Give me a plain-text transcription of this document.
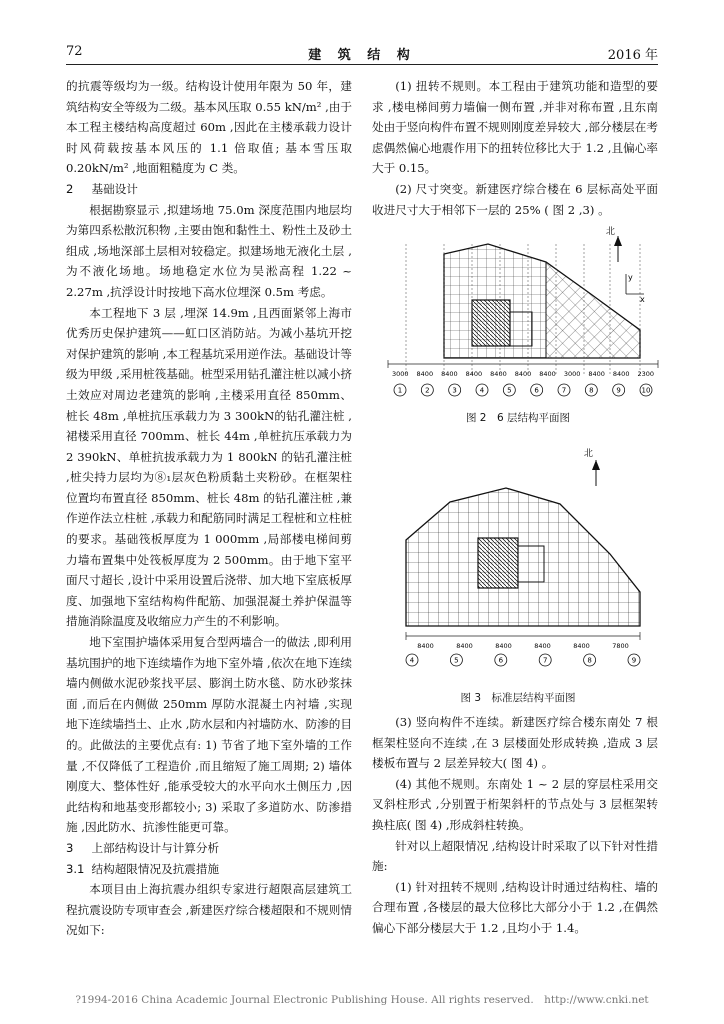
72	建 筑 结 构	2016 年

的抗震等级均为一级。结构设计使用年限为 50 年，建筑结构安全等级为二级。基本风压取 0.55 kN/m² ,由于本工程主楼结构高度超过 60m ,因此在主楼承载力设计时风荷载按基本风压的 1.1 倍取值; 基本雪压取 0.20kN/m² ,地面粗糙度为 C 类。

2 基础设计

根据勘察显示 ,拟建场地 75.0m 深度范围内地层均为第四系松散沉积物 ,主要由饱和黏性土、粉性土及砂土组成 ,场地深部土层相对较稳定。拟建场地无液化土层 ,为不液化场地。场地稳定水位为吴淞高程 1.22 ~ 2.27m ,抗浮设计时按地下高水位埋深 0.5m 考虑。

本工程地下 3 层 ,埋深 14.9m ,且西面紧邻上海市优秀历史保护建筑——虹口区消防站。为减小基坑开挖对保护建筑的影响 ,本工程基坑采用逆作法。基础设计等级为甲级 ,采用桩筏基础。桩型采用钻孔灌注桩以减小挤土效应对周边老建筑的影响 ,主楼采用直径 850mm、桩长 48m ,单桩抗压承载力为 3 300kN的钻孔灌注桩 ,裙楼采用直径 700mm、桩长 44m ,单桩抗压承载力为 2 390kN、单桩抗拔承载力为 1 800kN 的钻孔灌注桩 ,桩尖持力层均为⑧₁层灰色粉质黏土夹粉砂。在框架柱位置均布置直径 850mm、桩长 48m 的钻孔灌注桩 ,兼作逆作法立柱桩 ,承载力和配筋同时满足工程桩和立柱桩的要求。基础筏板厚度为 1 000mm ,局部楼电梯间剪力墙布置集中处筏板厚度为 2 500mm。由于地下室平面尺寸超长 ,设计中采用设置后浇带、加大地下室底板厚度、加强地下室结构构件配筋、加强混凝土养护保温等措施消除温度及收缩应力产生的不利影响。

地下室围护墙体采用复合型两墙合一的做法 ,即利用基坑围护的地下连续墙作为地下室外墙 ,依次在地下连续墙内侧做水泥砂浆找平层、膨润土防水毯、防水砂浆抹面 ,而后在内侧做 250mm 厚防水混凝土内衬墙 ,实现地下连续墙挡土、止水 ,防水层和内衬墙防水、防渗的目的。此做法的主要优点有: 1) 节省了地下室外墙的工作量 ,不仅降低了工程造价 ,而且缩短了施工周期; 2) 墙体刚度大、整体性好 ,能承受较大的水平向水土侧压力 ,因此结构和地基变形都较小; 3) 采取了多道防水、防渗措施 ,因此防水、抗渗性能更可靠。

3 上部结构设计与计算分析
3.1 结构超限情况及抗震措施

本项目由上海抗震办组织专家进行超限高层建筑工程抗震设防专项审查会 ,新建医疗综合楼超限和不规则情况如下:

(1) 扭转不规则。本工程由于建筑功能和造型的要求 ,楼电梯间剪力墙偏一侧布置 ,并非对称布置 ,且东南处由于竖向构件布置不规则刚度差异较大 ,部分楼层在考虑偶然偏心地震作用下的扭转位移比大于 1.2 ,且偏心率大于 0.15。

(2) 尺寸突变。新建医疗综合楼在 6 层标高处平面收进尺寸大于相邻下一层的 25% ( 图 2 ,3) 。

3000 8400 8400 8400 8400 8400 8400 3000 8400 8400 2300
1	2	3	4	5	6	7	8	9	10
北
y
x
图 2　6 层结构平面图
北
8400	8400	8400	8400	8400	7800
4	5	6	7	8	9
图 3　标准层结构平面图

(3) 竖向构件不连续。新建医疗综合楼东南处 7 根框架柱竖向不连续 ,在 3 层楼面处形成转换 ,造成 3 层楼板布置与 2 层差异较大( 图 4) 。

(4) 其他不规则。东南处 1 ~ 2 层的穿层柱采用交叉斜柱形式 ,分别置于桁架斜杆的节点处与 3 层框架转换柱底( 图 4) ,形成斜柱转换。

针对以上超限情况 ,结构设计时采取了以下针对性措施:

(1) 针对扭转不规则 ,结构设计时通过结构柱、墙的合理布置 ,各楼层的最大位移比大部分小于 1.2 ,在偶然偏心下部分楼层大于 1.2 ,且均小于 1.4。

?1994-2016 China Academic Journal Electronic Publishing House. All rights reserved.　http://www.cnki.net
